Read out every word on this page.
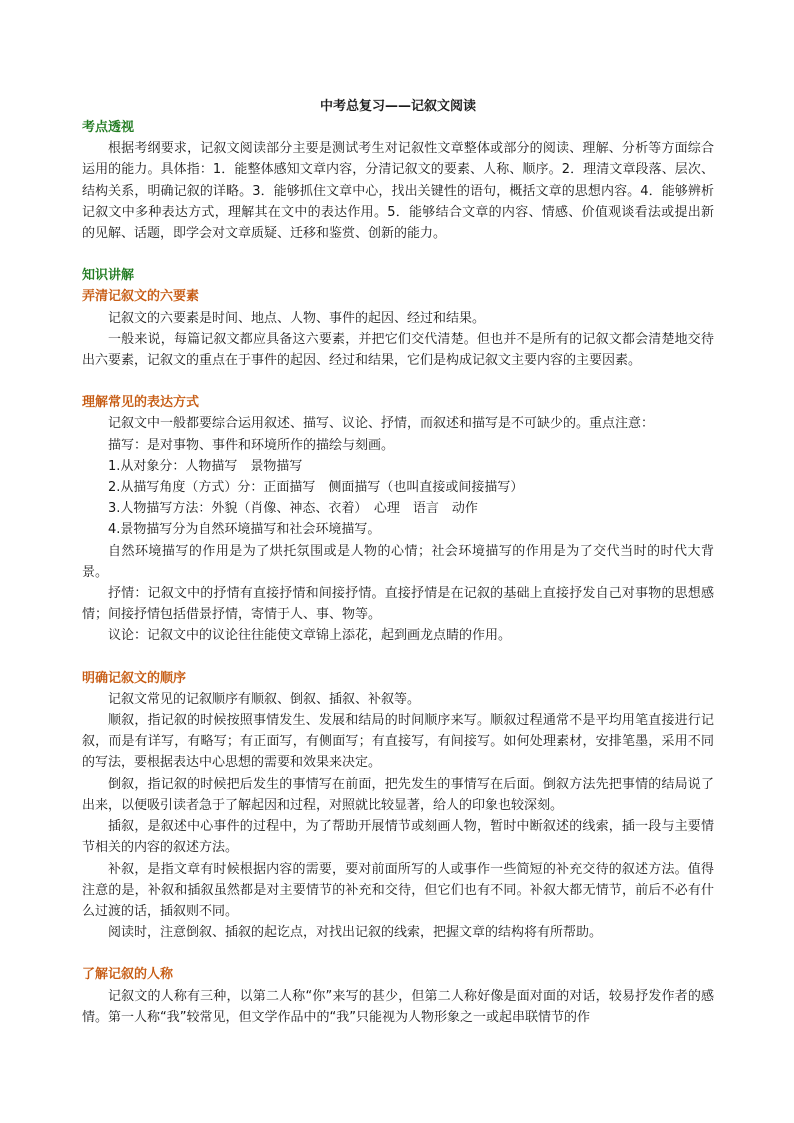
中考总复习——记叙文阅读
考点透视

根据考纲要求，记叙文阅读部分主要是测试考生对记叙性文章整体或部分的阅读、理解、分析等方面综合运用的能力。具体指：1．能整体感知文章内容，分清记叙文的要素、人称、顺序。2．理清文章段落、层次、结构关系，明确记叙的详略。3．能够抓住文章中心，找出关键性的语句，概括文章的思想内容。4．能够辨析记叙文中多种表达方式，理解其在文中的表达作用。5．能够结合文章的内容、情感、价值观谈看法或提出新的见解、话题，即学会对文章质疑、迁移和鉴赏、创新的能力。

知识讲解
弄清记叙文的六要素

记叙文的六要素是时间、地点、人物、事件的起因、经过和结果。

一般来说，每篇记叙文都应具备这六要素，并把它们交代清楚。但也并不是所有的记叙文都会清楚地交待出六要素，记叙文的重点在于事件的起因、经过和结果，它们是构成记叙文主要内容的主要因素。

理解常见的表达方式

记叙文中一般都要综合运用叙述、描写、议论、抒情，而叙述和描写是不可缺少的。重点注意：

描写：是对事物、事件和环境所作的描绘与刻画。

1.从对象分：人物描写　景物描写

2.从描写角度（方式）分：正面描写　侧面描写（也叫直接或间接描写）

3.人物描写方法：外貌（肖像、神态、衣着）　心理　语言　动作

4.景物描写分为自然环境描写和社会环境描写。

自然环境描写的作用是为了烘托氛围或是人物的心情；社会环境描写的作用是为了交代当时的时代大背景。

抒情：记叙文中的抒情有直接抒情和间接抒情。直接抒情是在记叙的基础上直接抒发自己对事物的思想感情；间接抒情包括借景抒情，寄情于人、事、物等。

议论：记叙文中的议论往往能使文章锦上添花，起到画龙点睛的作用。

明确记叙文的顺序

记叙文常见的记叙顺序有顺叙、倒叙、插叙、补叙等。

顺叙，指记叙的时候按照事情发生、发展和结局的时间顺序来写。顺叙过程通常不是平均用笔直接进行记叙，而是有详写，有略写；有正面写，有侧面写；有直接写，有间接写。如何处理素材，安排笔墨，采用不同的写法，要根据表达中心思想的需要和效果来决定。

倒叙，指记叙的时候把后发生的事情写在前面，把先发生的事情写在后面。倒叙方法先把事情的结局说了出来，以便吸引读者急于了解起因和过程，对照就比较显著，给人的印象也较深刻。

插叙，是叙述中心事件的过程中，为了帮助开展情节或刻画人物，暂时中断叙述的线索，插一段与主要情节相关的内容的叙述方法。

补叙，是指文章有时候根据内容的需要，要对前面所写的人或事作一些简短的补充交待的叙述方法。值得注意的是，补叙和插叙虽然都是对主要情节的补充和交待，但它们也有不同。补叙大都无情节，前后不必有什么过渡的话，插叙则不同。

阅读时，注意倒叙、插叙的起讫点，对找出记叙的线索，把握文章的结构将有所帮助。

了解记叙的人称

记叙文的人称有三种，以第二人称“你”来写的甚少，但第二人称好像是面对面的对话，较易抒发作者的感情。第一人称“我”较常见，但文学作品中的“我”只能视为人物形象之一或起串联情节的作
